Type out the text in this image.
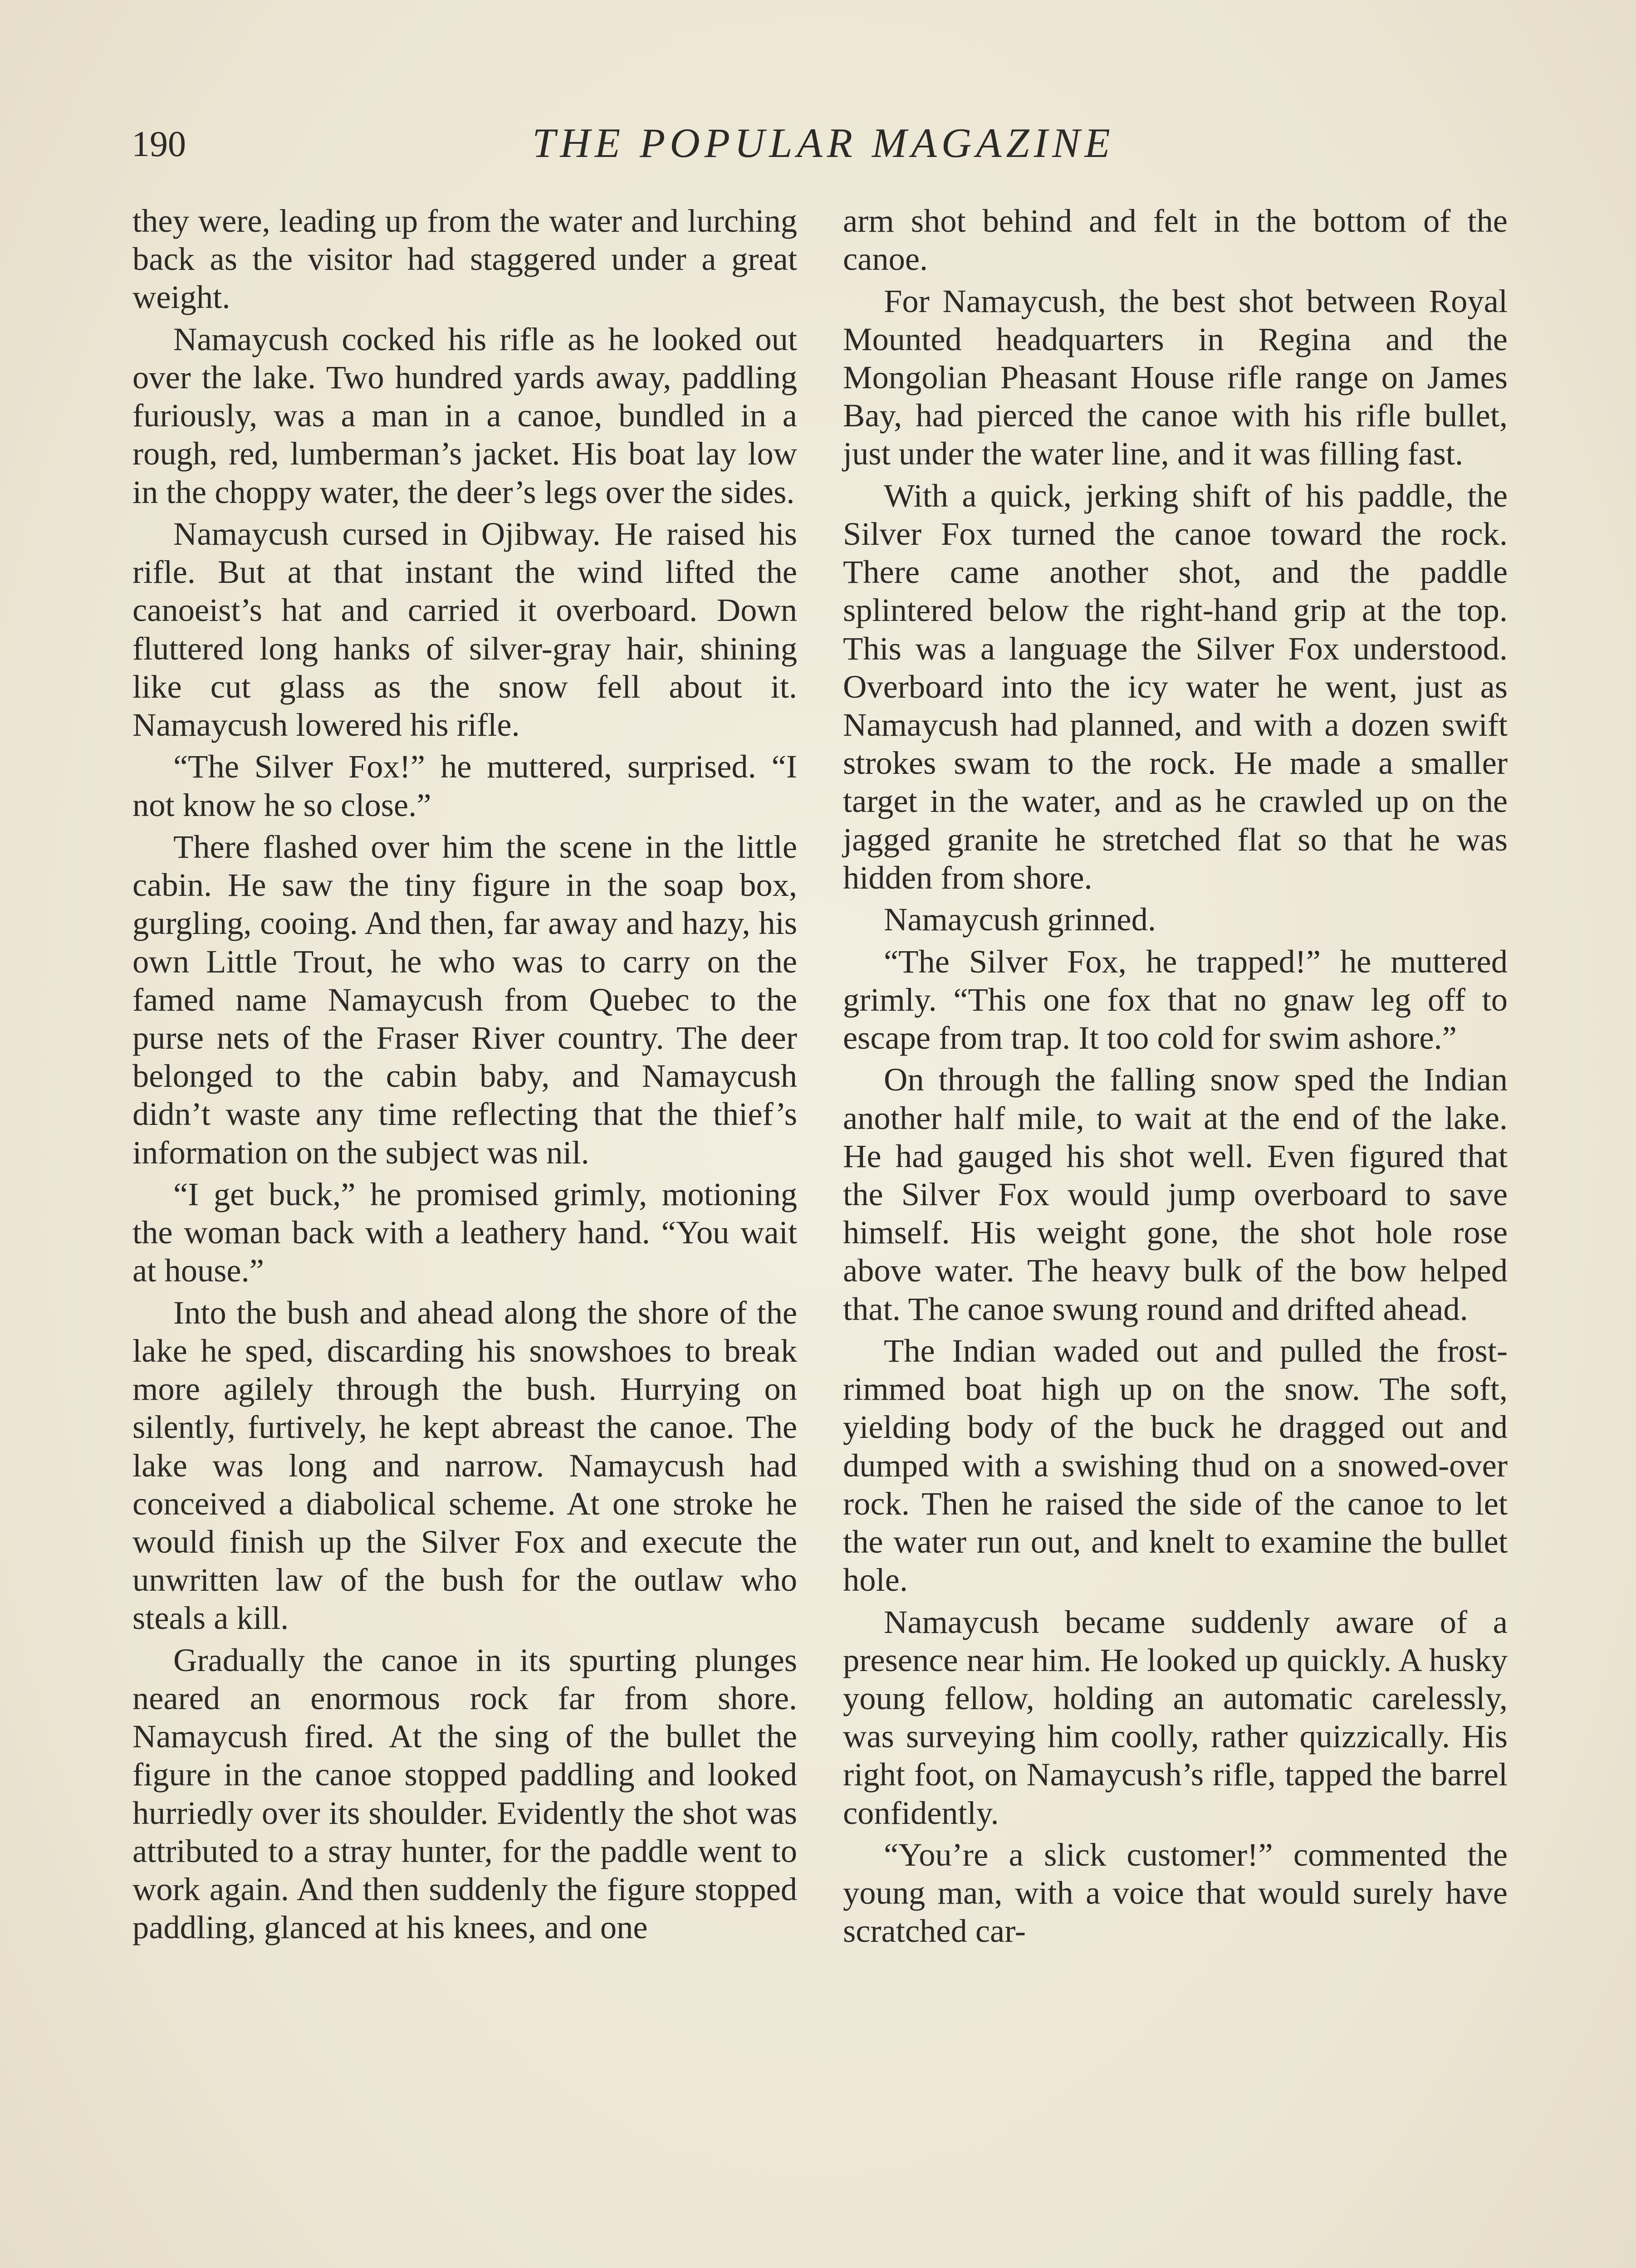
190	THE POPULAR MAGAZINE

they were, leading up from the water and lurching back as the visitor had staggered under a great weight.

Namaycush cocked his rifle as he looked out over the lake. Two hundred yards away, paddling furiously, was a man in a canoe, bundled in a rough, red, lumberman’s jacket. His boat lay low in the choppy water, the deer’s legs over the sides.

Namaycush cursed in Ojibway. He raised his rifle. But at that instant the wind lifted the canoeist’s hat and carried it overboard. Down fluttered long hanks of silver-gray hair, shining like cut glass as the snow fell about it. Namaycush lowered his rifle.

“The Silver Fox!” he muttered, surprised. “I not know he so close.”

There flashed over him the scene in the little cabin. He saw the tiny figure in the soap box, gurgling, cooing. And then, far away and hazy, his own Little Trout, he who was to carry on the famed name Namaycush from Quebec to the purse nets of the Fraser River country. The deer belonged to the cabin baby, and Namaycush didn’t waste any time reflecting that the thief’s information on the subject was nil.

“I get buck,” he promised grimly, motioning the woman back with a leathery hand. “You wait at house.”

Into the bush and ahead along the shore of the lake he sped, discarding his snowshoes to break more agilely through the bush. Hurrying on silently, furtively, he kept abreast the canoe. The lake was long and narrow. Namaycush had conceived a diabolical scheme. At one stroke he would finish up the Silver Fox and execute the unwritten law of the bush for the outlaw who steals a kill.

Gradually the canoe in its spurting plunges neared an enormous rock far from shore. Namaycush fired. At the sing of the bullet the figure in the canoe stopped paddling and looked hurriedly over its shoulder. Evidently the shot was attributed to a stray hunter, for the paddle went to work again. And then suddenly the figure stopped paddling, glanced at his knees, and one

arm shot behind and felt in the bottom of the canoe.

For Namaycush, the best shot between Royal Mounted headquarters in Regina and the Mongolian Pheasant House rifle range on James Bay, had pierced the canoe with his rifle bullet, just under the water line, and it was filling fast.

With a quick, jerking shift of his paddle, the Silver Fox turned the canoe toward the rock. There came another shot, and the paddle splintered below the right-hand grip at the top. This was a language the Silver Fox understood. Overboard into the icy water he went, just as Namaycush had planned, and with a dozen swift strokes swam to the rock. He made a smaller target in the water, and as he crawled up on the jagged granite he stretched flat so that he was hidden from shore.

Namaycush grinned.

“The Silver Fox, he trapped!” he muttered grimly. “This one fox that no gnaw leg off to escape from trap. It too cold for swim ashore.”

On through the falling snow sped the Indian another half mile, to wait at the end of the lake. He had gauged his shot well. Even figured that the Silver Fox would jump overboard to save himself. His weight gone, the shot hole rose above water. The heavy bulk of the bow helped that. The canoe swung round and drifted ahead.

The Indian waded out and pulled the frost-rimmed boat high up on the snow. The soft, yielding body of the buck he dragged out and dumped with a swishing thud on a snowed-over rock. Then he raised the side of the canoe to let the water run out, and knelt to examine the bullet hole.

Namaycush became suddenly aware of a presence near him. He looked up quickly. A husky young fellow, holding an automatic carelessly, was surveying him coolly, rather quizzically. His right foot, on Namaycush’s rifle, tapped the barrel confidently.

“You’re a slick customer!” commented the young man, with a voice that would surely have scratched car-
